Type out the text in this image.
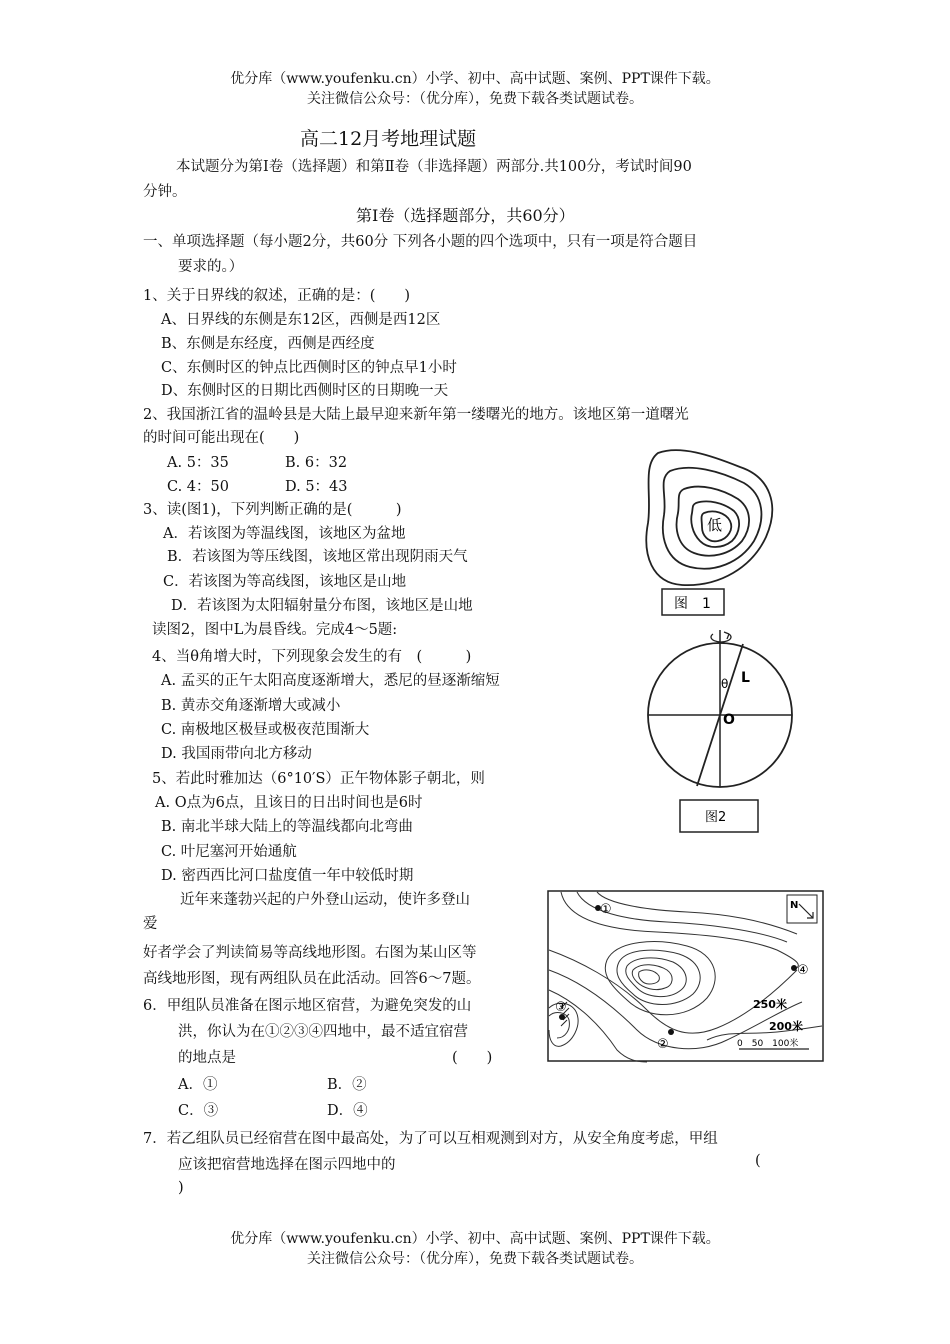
优分库（www.youfenku.cn）小学、初中、高中试题、案例、PPT课件下载。
关注微信公众号：（优分库），免费下载各类试题试卷。
高二12月考地理试题
本试题分为第Ⅰ卷（选择题）和第Ⅱ卷（非选择题）两部分.共100分，考试时间90
分钟。
第Ⅰ卷（选择题部分，共60分）
一、单项选择题（每小题2分，共60分 下列各小题的四个选项中，只有一项是符合题目
要求的。）
1、关于日界线的叙述，正确的是：(　　)
A、日界线的东侧是东12区，西侧是西12区
B、东侧是东经度，西侧是西经度
C、东侧时区的钟点比西侧时区的钟点早1小时
D、东侧时区的日期比西侧时区的日期晚一天
2、我国浙江省的温岭县是大陆上最早迎来新年第一缕曙光的地方。该地区第一道曙光
的时间可能出现在(　　)
A. 5：35	B. 6：32
C. 4：50	D. 5：43
3、读(图1)，下列判断正确的是(　　　)
A．若该图为等温线图，该地区为盆地
B．若该图为等压线图，该地区常出现阴雨天气
C．若该图为等高线图，该地区是山地
D．若该图为太阳辐射量分布图，该地区是山地
读图2，图中L为晨昏线。完成4～5题:
4、当θ角增大时，下列现象会发生的有　(　　　)
A. 孟买的正午太阳高度逐渐增大，悉尼的昼逐渐缩短
B. 黄赤交角逐渐增大或减小
C. 南极地区极昼或极夜范围渐大
D. 我国雨带向北方移动
5、若此时雅加达（6°10′S）正午物体影子朝北，则
A. O点为6点，且该日的日出时间也是6时
B. 南北半球大陆上的等温线都向北弯曲
C. 叶尼塞河开始通航
D. 密西西比河口盐度值一年中较低时期
近年来蓬勃兴起的户外登山运动，使许多登山
爱
好者学会了判读简易等高线地形图。右图为某山区等
高线地形图，现有两组队员在此活动。回答6～7题。
6．甲组队员准备在图示地区宿营，为避免突发的山
洪，你认为在①②③④四地中，最不适宜宿营
的地点是	(　　)
A．①	B．②
C．③	D．④
7．若乙组队员已经宿营在图中最高处，为了可以互相观测到对方，从安全角度考虑，甲组
应该把宿营地选择在图示四地中的	(
)
优分库（www.youfenku.cn）小学、初中、高中试题、案例、PPT课件下载。
关注微信公众号：（优分库），免费下载各类试题试卷。
低
图　1
L
θ
O
图2
N
①
④
③
②
250米
200米
0　50　100米
